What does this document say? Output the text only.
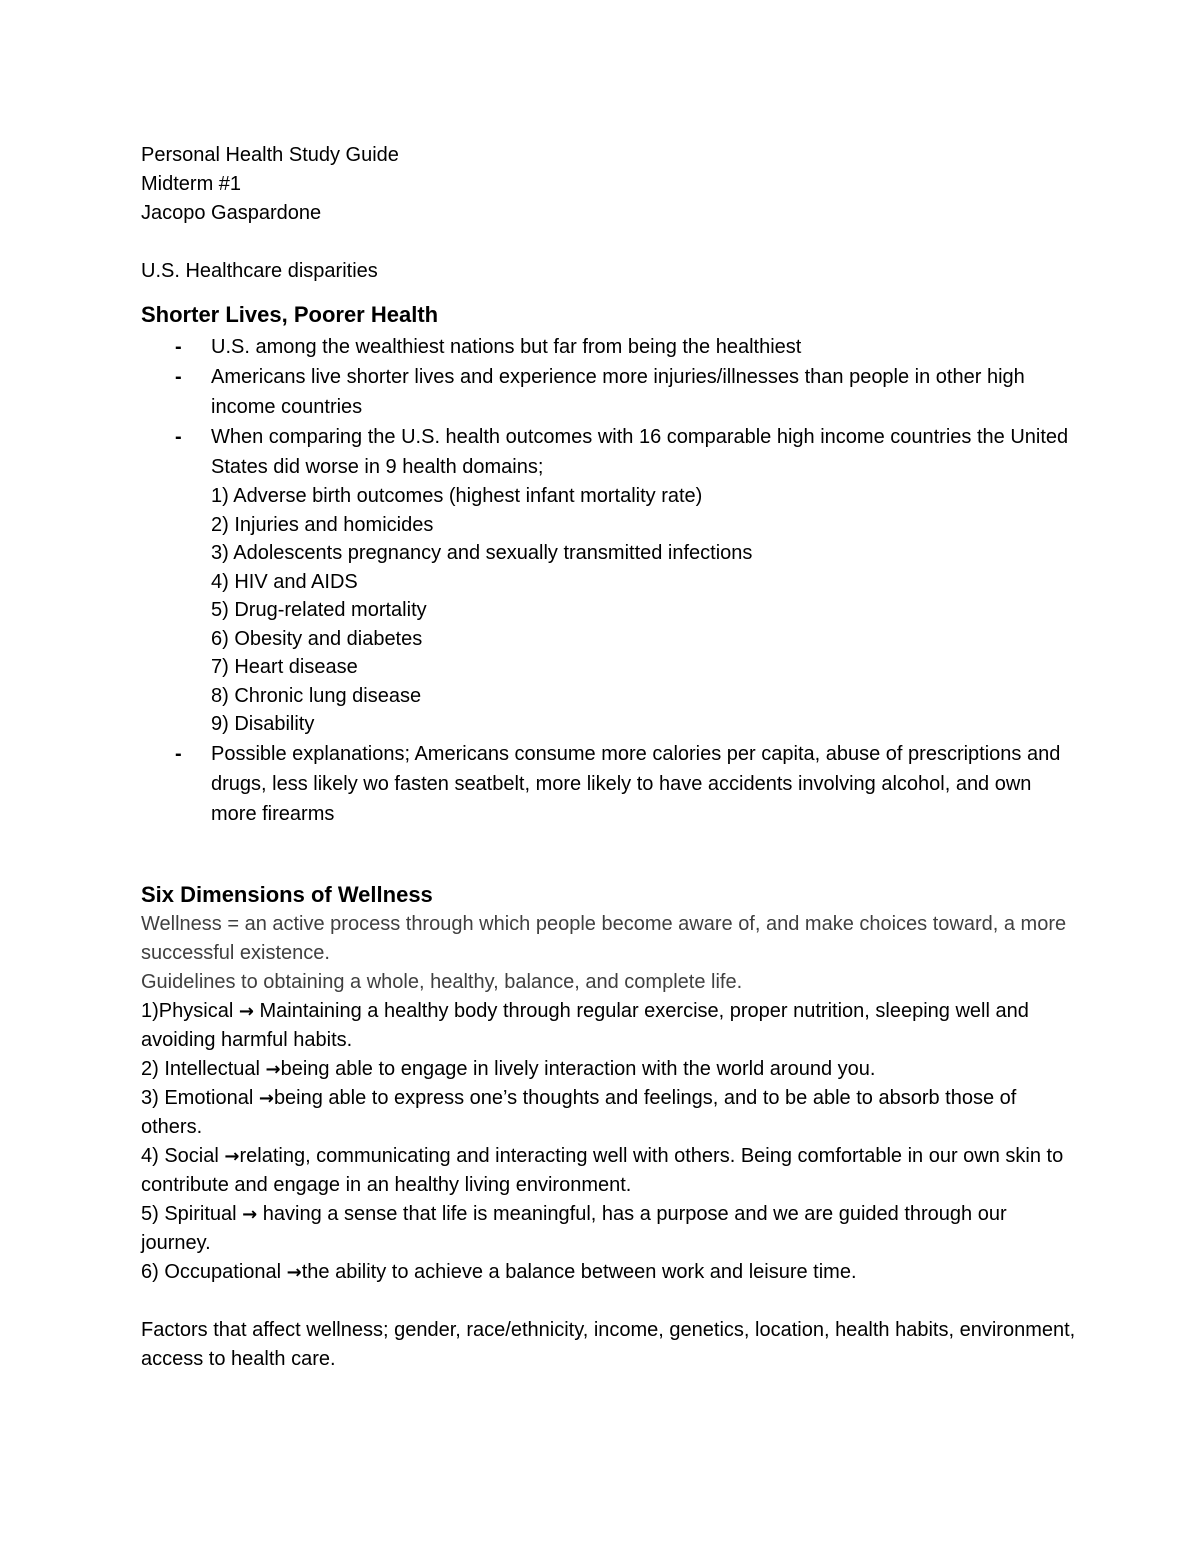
Personal Health Study Guide
Midterm #1
Jacopo Gaspardone
U.S. Healthcare disparities
Shorter Lives, Poorer Health
- U.S. among the wealthiest nations but far from being the healthiest
- Americans live shorter lives and experience more injuries/illnesses than people in other high income countries
- When comparing the U.S. health outcomes with 16 comparable high income countries the United States did worse in 9 health domains;
1) Adverse birth outcomes (highest infant mortality rate)
2) Injuries and homicides
3) Adolescents pregnancy and sexually transmitted infections
4) HIV and AIDS
5) Drug-related mortality
6) Obesity and diabetes
7) Heart disease
8) Chronic lung disease
9) Disability
- Possible explanations; Americans consume more calories per capita, abuse of prescriptions and drugs, less likely wo fasten seatbelt, more likely to have accidents involving alcohol, and own more firearms
Six Dimensions of Wellness
Wellness = an active process through which people become aware of, and make choices toward, a more successful existence.
Guidelines to obtaining a whole, healthy, balance, and complete life.
1)Physical → Maintaining a healthy body through regular exercise, proper nutrition, sleeping well and avoiding harmful habits.
2) Intellectual →being able to engage in lively interaction with the world around you.
3) Emotional →being able to express one’s thoughts and feelings, and to be able to absorb those of others.
4) Social →relating, communicating and interacting well with others. Being comfortable in our own skin to contribute and engage in an healthy living environment.
5) Spiritual → having a sense that life is meaningful, has a purpose and we are guided through our journey.
6) Occupational →the ability to achieve a balance between work and leisure time.
Factors that affect wellness; gender, race/ethnicity, income, genetics, location, health habits, environment, access to health care.
